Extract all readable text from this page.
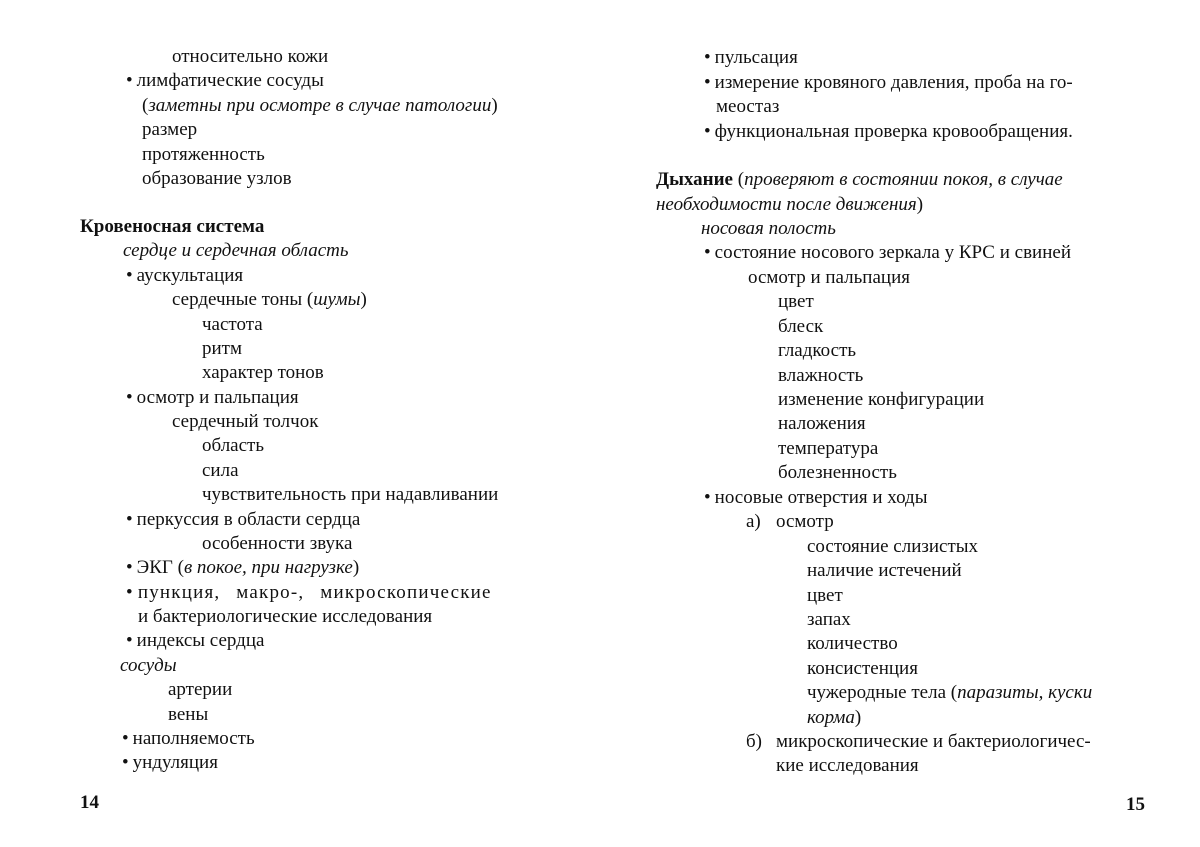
относительно кожи
• лимфатические сосуды
(заметны при осмотре в случае патологии)
размер
протяженность
образование узлов
Кровеносная система
сердце и сердечная область
• аускультация
сердечные тоны (шумы)
частота
ритм
характер тонов
• осмотр и пальпация
сердечный толчок
область
сила
чувствительность при надавливании
• перкуссия в области сердца
особенности звука
• ЭКГ (в покое, при нагрузке)
• пункция, макро-, микроскопические
и бактериологические исследования
• индексы сердца
сосуды
артерии
вены
• наполняемость
• ундуляция
14
• пульсация
• измерение кровяного давления, проба на го-
меостаз
• функциональная проверка кровообращения.
Дыхание (проверяют в состоянии покоя, в случае
необходимости после движения)
носовая полость
• состояние носового зеркала у КРС и свиней
осмотр и пальпация
цвет
блеск
гладкость
влажность
изменение конфигурации
наложения
температура
болезненность
• носовые отверстия и ходы
а) осмотр
состояние слизистых
наличие истечений
цвет
запах
количество
консистенция
чужеродные тела (паразиты, куски
корма)
б) микроскопические и бактериологичес-
кие исследования
15
